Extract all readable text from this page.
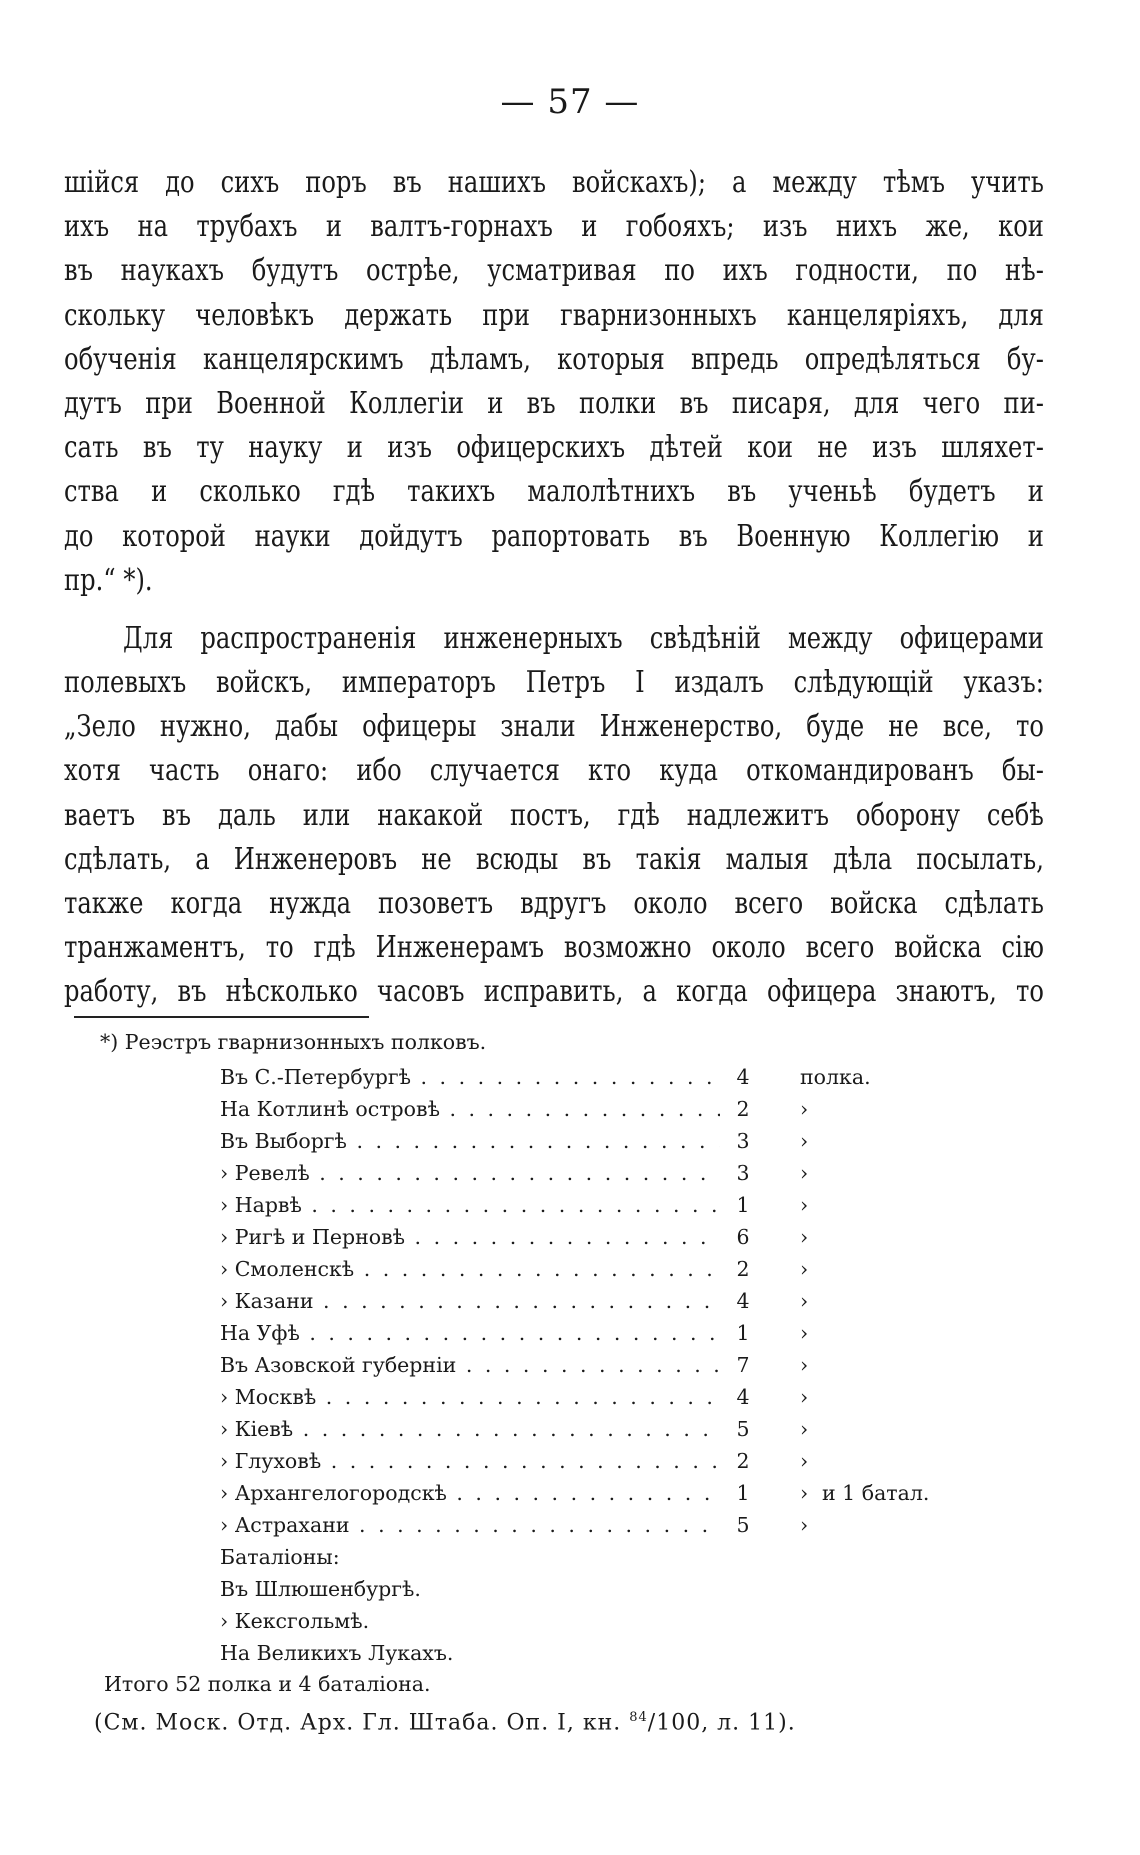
— 57 —
шійся до сихъ поръ въ нашихъ войскахъ); а между тѣмъ учить
ихъ на трубахъ и валтъ-горнахъ и гобояхъ; изъ нихъ же, кои
въ наукахъ будутъ острѣе, усматривая по ихъ годности, по нѣ-
скольку человѣкъ держать при гварнизонныхъ канцеляріяхъ, для
обученія канцелярскимъ дѣламъ, которыя впредь опредѣляться бу-
дутъ при Военной Коллегіи и въ полки въ писаря, для чего пи-
сать въ ту науку и изъ офицерскихъ дѣтей кои не изъ шляхет-
ства и сколько гдѣ такихъ малолѣтнихъ въ ученьѣ будетъ и
до которой науки дойдутъ рапортовать въ Военную Коллегію и
пр.“ *).
Для распространенія инженерныхъ свѣдѣній между офицерами
полевыхъ войскъ, императоръ Петръ I издалъ слѣдующій указъ:
„Зело нужно, дабы офицеры знали Инженерство, буде не все, то
хотя часть онаго: ибо случается кто куда откомандированъ бы-
ваетъ въ даль или накакой постъ, гдѣ надлежитъ оборону себѣ
сдѣлать, а Инженеровъ не всюды въ такія малыя дѣла посылать,
также когда нужда позоветъ вдругъ около всего войска сдѣлать
транжаментъ, то гдѣ Инженерамъ возможно около всего войска сію
работу, въ нѣсколько часовъ исправить, а когда офицера знаютъ, то
*) Реэстръ гварнизонныхъ полковъ.
Въ С.-Петербургѣ . . .	4	полка.
На Котлинѣ островѣ . . .	2	›
Въ Выборгѣ . . .	3	›
› Ревелѣ . . .	3	›
› Нарвѣ . . .	1	›
› Ригѣ и Перновѣ . . .	6	›
› Смоленскѣ . . .	2	›
› Казани . . .	4	›
На Уфѣ . . .	1	›
Въ Азовской губерніи . . .	7	›
› Москвѣ . . .	4	›
› Кіевѣ . . .	5	›
› Глуховѣ . . .	2	›
› Архангелогородскѣ . . .	1	› и 1 батал.
› Астрахани . . .	5	›
Баталіоны:
Въ Шлюшенбургѣ.
› Кексгольмѣ.
На Великихъ Лукахъ.
Итого 52 полка и 4 баталіона.
(См. Моск. Отд. Арх. Гл. Штаба. Оп. I, кн. $^{84}$/100, л. 11).
